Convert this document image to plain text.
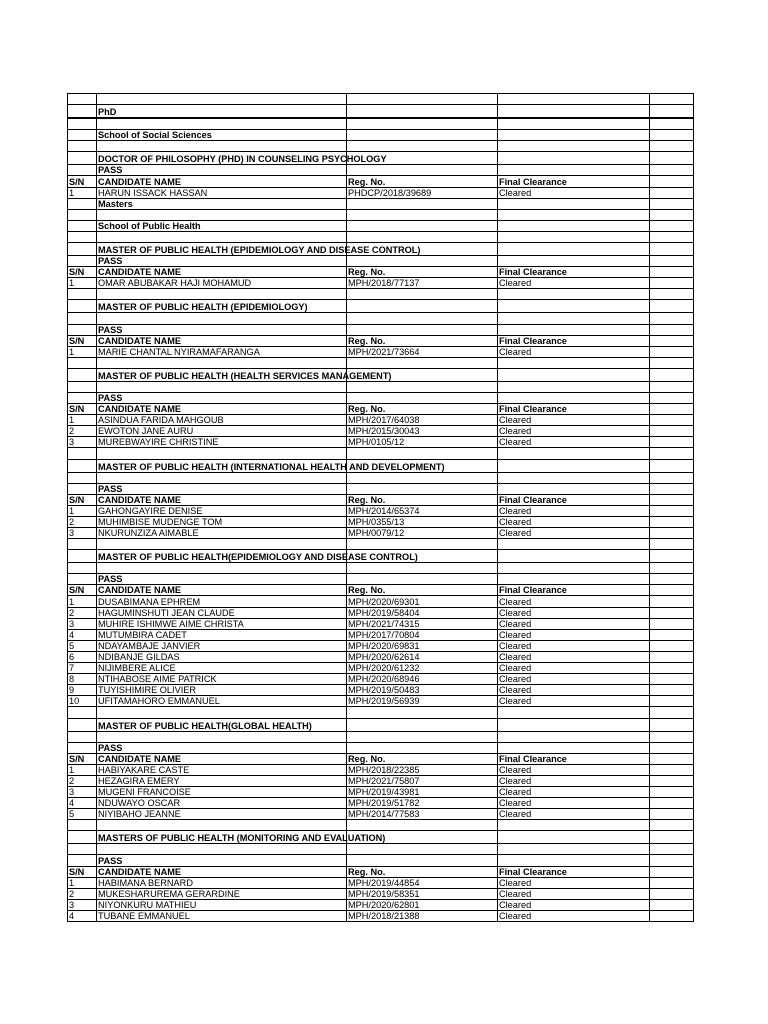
	PhD			

	School of Social Sciences			

	DOCTOR OF PHILOSOPHY (PHD) IN COUNSELING PSYCHOLOGY			
	PASS			
S/N	CANDIDATE NAME	Reg. No.	Final Clearance	
1	HARUN ISSACK HASSAN	PHDCP/2018/39689	Cleared	
	Masters			

	School of Public Health			

	MASTER OF PUBLIC HEALTH (EPIDEMIOLOGY AND DISEASE CONTROL)			
	PASS			
S/N	CANDIDATE NAME	Reg. No.	Final Clearance	
1	OMAR ABUBAKAR HAJI MOHAMUD	MPH/2018/77137	Cleared	

	MASTER OF PUBLIC HEALTH (EPIDEMIOLOGY)			

	PASS			
S/N	CANDIDATE NAME	Reg. No.	Final Clearance	
1	MARIE CHANTAL NYIRAMAFARANGA	MPH/2021/73664	Cleared	

	MASTER OF PUBLIC HEALTH (HEALTH SERVICES MANAGEMENT)			

	PASS			
S/N	CANDIDATE NAME	Reg. No.	Final Clearance	
1	ASINDUA FARIDA MAHGOUB	MPH/2017/64038	Cleared	
2	EWOTON JANE AURU	MPH/2015/30043	Cleared	
3	MUREBWAYIRE CHRISTINE	MPH/0105/12	Cleared	

	MASTER OF PUBLIC HEALTH (INTERNATIONAL HEALTH AND DEVELOPMENT)			

	PASS			
S/N	CANDIDATE NAME	Reg. No.	Final Clearance	
1	GAHONGAYIRE DENISE	MPH/2014/65374	Cleared	
2	MUHIMBISE MUDENGE TOM	MPH/0355/13	Cleared	
3	NKURUNZIZA AIMABLE	MPH/0079/12	Cleared	

	MASTER OF PUBLIC HEALTH(EPIDEMIOLOGY AND DISEASE CONTROL)			

	PASS			
S/N	CANDIDATE NAME	Reg. No.	Final Clearance	
1	DUSABIMANA EPHREM	MPH/2020/69301	Cleared	
2	HAGUMINSHUTI JEAN CLAUDE	MPH/2019/58404	Cleared	
3	MUHIRE ISHIMWE AIME CHRISTA	MPH/2021/74315	Cleared	
4	MUTUMBIRA CADET	MPH/2017/70804	Cleared	
5	NDAYAMBAJE JANVIER	MPH/2020/69831	Cleared	
6	NDIBANJE GILDAS	MPH/2020/62614	Cleared	
7	NIJIMBERE ALICE	MPH/2020/61232	Cleared	
8	NTIHABOSE AIME PATRICK	MPH/2020/68946	Cleared	
9	TUYISHIMIRE OLIVIER	MPH/2019/50483	Cleared	
10	UFITAMAHORO EMMANUEL	MPH/2019/56939	Cleared	

	MASTER OF PUBLIC HEALTH(GLOBAL HEALTH)			

	PASS			
S/N	CANDIDATE NAME	Reg. No.	Final Clearance	
1	HABIYAKARE CASTE	MPH/2018/22385	Cleared	
2	HEZAGIRA EMERY	MPH/2021/75807	Cleared	
3	MUGENI FRANCOISE	MPH/2019/43981	Cleared	
4	NDUWAYO OSCAR	MPH/2019/51782	Cleared	
5	NIYIBAHO JEANNE	MPH/2014/77583	Cleared	

	MASTERS OF PUBLIC HEALTH (MONITORING AND EVALUATION)			

	PASS			
S/N	CANDIDATE NAME	Reg. No.	Final Clearance	
1	HABIMANA BERNARD	MPH/2019/44854	Cleared	
2	MUKESHARUREMA GERARDINE	MPH/2019/58351	Cleared	
3	NIYONKURU MATHIEU	MPH/2020/62801	Cleared	
4	TUBANE EMMANUEL	MPH/2018/21388	Cleared	
